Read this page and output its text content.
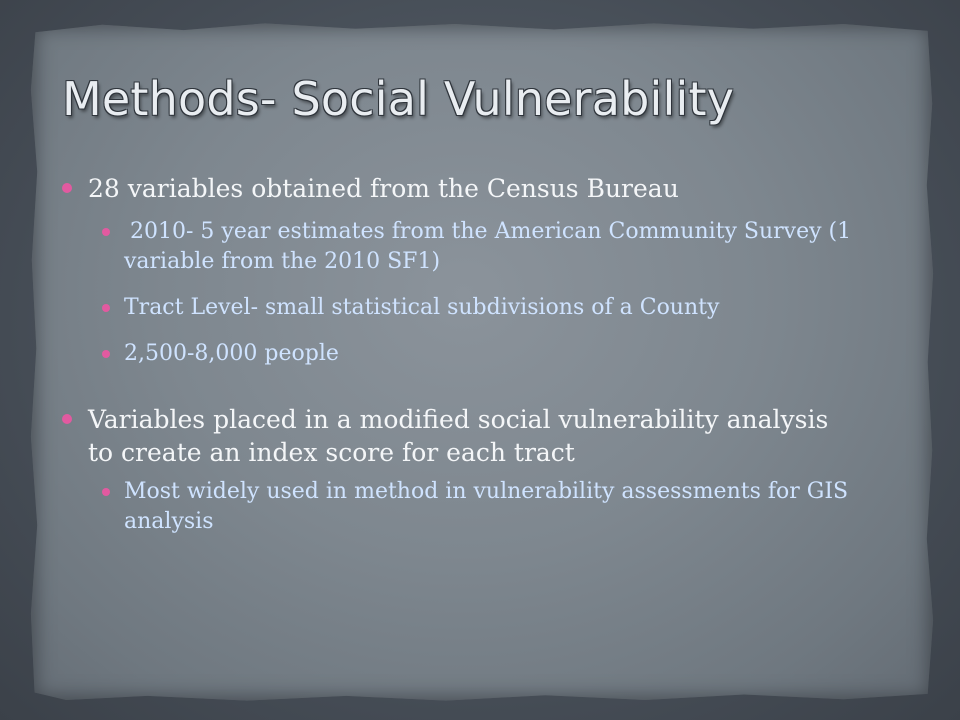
Methods- Social Vulnerability
28 variables obtained from the Census Bureau
2010- 5 year estimates from the American Community Survey (1 variable from the 2010 SF1)
Tract Level- small statistical subdivisions of a County
2,500-8,000 people
Variables placed in a modified social vulnerability analysis to create an index score for each tract
Most widely used in method in vulnerability assessments for GIS analysis
